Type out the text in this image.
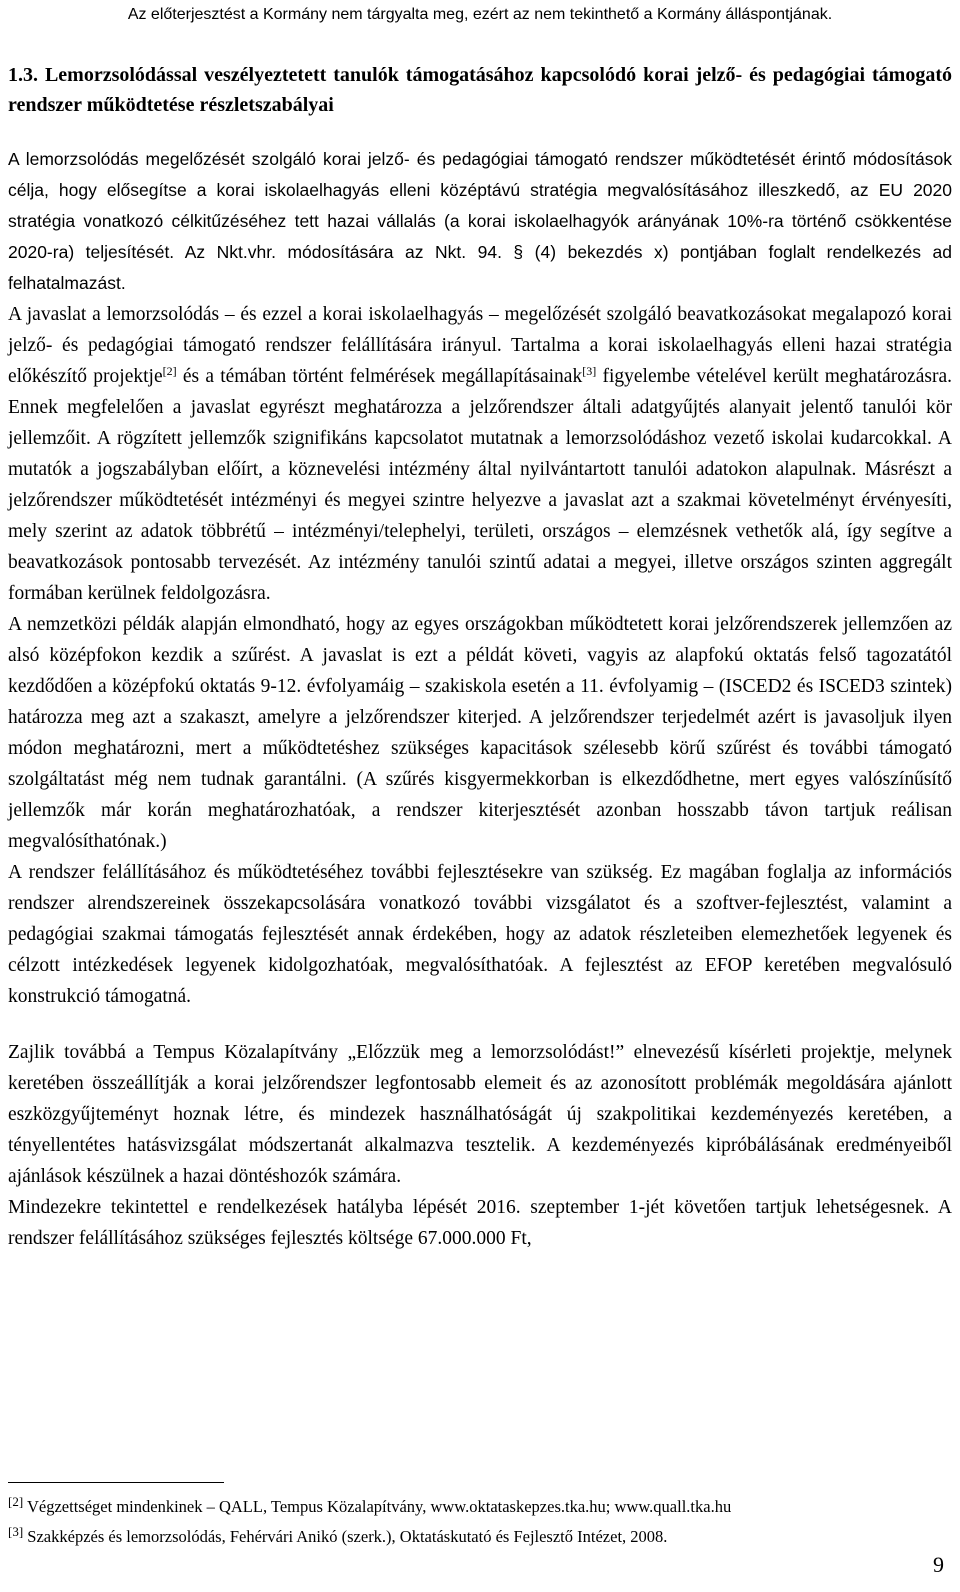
Az előterjesztést a Kormány nem tárgyalta meg, ezért az nem tekinthető a Kormány álláspontjának.

1.3. Lemorzsolódással veszélyeztetett tanulók támogatásához kapcsolódó korai jelző- és pedagógiai támogató rendszer működtetése részletszabályai

A lemorzsolódás megelőzését szolgáló korai jelző- és pedagógiai támogató rendszer működtetését érintő módosítások célja, hogy elősegítse a korai iskolaelhagyás elleni középtávú stratégia megvalósításához illeszkedő, az EU 2020 stratégia vonatkozó célkitűzéséhez tett hazai vállalás (a korai iskolaelhagyók arányának 10%-ra történő csökkentése 2020-ra) teljesítését. Az Nkt.vhr. módosítására az Nkt. 94. § (4) bekezdés x) pontjában foglalt rendelkezés ad felhatalmazást.

A javaslat a lemorzsolódás – és ezzel a korai iskolaelhagyás – megelőzését szolgáló beavatkozásokat megalapozó korai jelző- és pedagógiai támogató rendszer felállítására irányul. Tartalma a korai iskolaelhagyás elleni hazai stratégia előkészítő projektje[2] és a témában történt felmérések megállapításainak[3] figyelembe vételével került meghatározásra. Ennek megfelelően a javaslat egyrészt meghatározza a jelzőrendszer általi adatgyűjtés alanyait jelentő tanulói kör jellemzőit. A rögzített jellemzők szignifikáns kapcsolatot mutatnak a lemorzsolódáshoz vezető iskolai kudarcokkal. A mutatók a jogszabályban előírt, a köznevelési intézmény által nyilvántartott tanulói adatokon alapulnak. Másrészt a jelzőrendszer működtetését intézményi és megyei szintre helyezve a javaslat azt a szakmai követelményt érvényesíti, mely szerint az adatok többrétű – intézményi/telephelyi, területi, országos – elemzésnek vethetők alá, így segítve a beavatkozások pontosabb tervezését. Az intézmény tanulói szintű adatai a megyei, illetve országos szinten aggregált formában kerülnek feldolgozásra.

A nemzetközi példák alapján elmondható, hogy az egyes országokban működtetett korai jelzőrendszerek jellemzően az alsó középfokon kezdik a szűrést. A javaslat is ezt a példát követi, vagyis az alapfokú oktatás felső tagozatától kezdődően a középfokú oktatás 9-12. évfolyamáig – szakiskola esetén a 11. évfolyamig – (ISCED2 és ISCED3 szintek) határozza meg azt a szakaszt, amelyre a jelzőrendszer kiterjed. A jelzőrendszer terjedelmét azért is javasoljuk ilyen módon meghatározni, mert a működtetéshez szükséges kapacitások szélesebb körű szűrést és további támogató szolgáltatást még nem tudnak garantálni. (A szűrés kisgyermekkorban is elkezdődhetne, mert egyes valószínűsítő jellemzők már korán meghatározhatóak, a rendszer kiterjesztését azonban hosszabb távon tartjuk reálisan megvalósíthatónak.)

A rendszer felállításához és működtetéséhez további fejlesztésekre van szükség. Ez magában foglalja az információs rendszer alrendszereinek összekapcsolására vonatkozó további vizsgálatot és a szoftver-fejlesztést, valamint a pedagógiai szakmai támogatás fejlesztését annak érdekében, hogy az adatok részleteiben elemezhetőek legyenek és célzott intézkedések legyenek kidolgozhatóak, megvalósíthatóak. A fejlesztést az EFOP keretében megvalósuló konstrukció támogatná.

Zajlik továbbá a Tempus Közalapítvány „Előzzük meg a lemorzsolódást!” elnevezésű kísérleti projektje, melynek keretében összeállítják a korai jelzőrendszer legfontosabb elemeit és az azonosított problémák megoldására ajánlott eszközgyűjteményt hoznak létre, és mindezek használhatóságát új szakpolitikai kezdeményezés keretében, a tényellentétes hatásvizsgálat módszertanát alkalmazva tesztelik. A kezdeményezés kipróbálásának eredményeiből ajánlások készülnek a hazai döntéshozók számára.

Mindezekre tekintettel e rendelkezések hatályba lépését 2016. szeptember 1-jét követően tartjuk lehetségesnek. A rendszer felállításához szükséges fejlesztés költsége 67.000.000 Ft,

[2] Végzettséget mindenkinek – QALL, Tempus Közalapítvány, www.oktataskepzes.tka.hu; www.quall.tka.hu
[3] Szakképzés és lemorzsolódás, Fehérvári Anikó (szerk.), Oktatáskutató és Fejlesztő Intézet, 2008.
9
